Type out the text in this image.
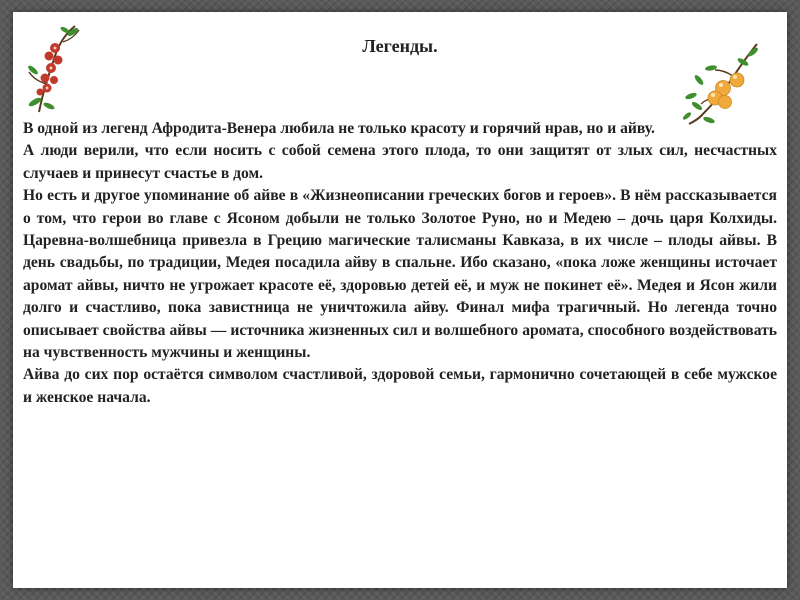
Легенды.

В одной из легенд Афродита-Венера любила не только красоту и горячий нрав, но и айву.

А люди верили, что если носить с собой семена этого плода, то они защитят от злых сил, несчастных случаев и принесут счастье в дом.

Но есть и другое упоминание об айве в «Жизнеописании греческих богов и героев». В нём рассказывается о том, что герои во главе с Ясоном добыли не только Золотое Руно, но и Медею – дочь царя Колхиды. Царевна-волшебница привезла в Грецию магические талисманы Кавказа, в их числе – плоды айвы. В день свадьбы, по традиции, Медея посадила айву в спальне. Ибо сказано, «пока ложе женщины источает аромат айвы, ничто не угрожает красоте её, здоровью детей её, и муж не покинет её». Медея и Ясон жили долго и счастливо, пока завистница не уничтожила айву. Финал мифа трагичный. Но легенда точно описывает свойства айвы — источника жизненных сил и волшебного аромата, способного воздействовать на чувственность мужчины и женщины.

Айва до сих пор остаётся символом счастливой, здоровой семьи, гармонично сочетающей в себе мужское и женское начала.
